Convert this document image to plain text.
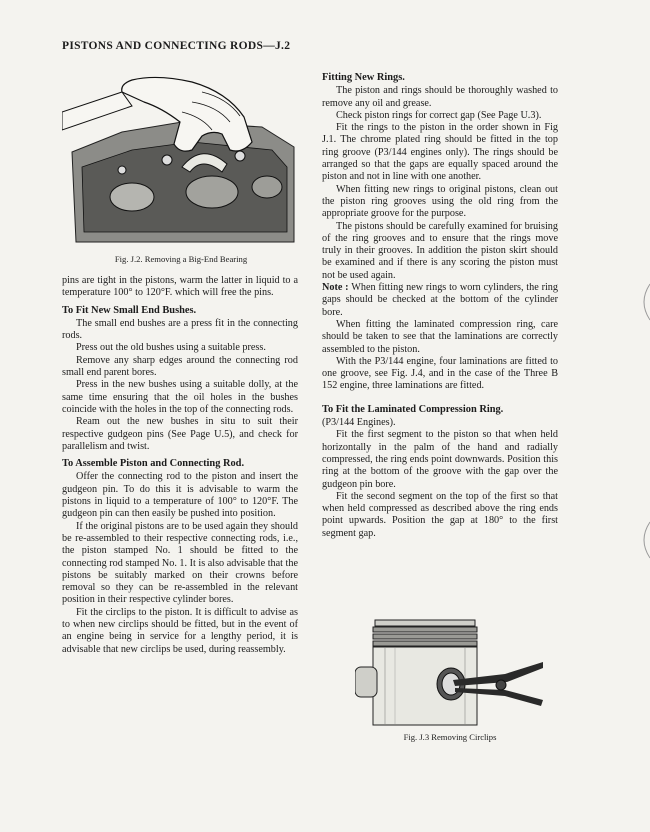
PISTONS AND CONNECTING RODS—J.2
Fig. J.2. Removing a Big-End Bearing

pins are tight in the pistons, warm the latter in liquid to a temperature 100° to 120°F. which will free the pins.

To Fit New Small End Bushes.

The small end bushes are a press fit in the connecting rods.

Press out the old bushes using a suitable press.

Remove any sharp edges around the connecting rod small end parent bores.

Press in the new bushes using a suitable dolly, at the same time ensuring that the oil holes in the bushes coincide with the holes in the top of the connecting rods.

Ream out the new bushes in situ to suit their respective gudgeon pins (See Page U.5), and check for parallelism and twist.

To Assemble Piston and Connecting Rod.

Offer the connecting rod to the piston and insert the gudgeon pin. To do this it is advisable to warm the pistons in liquid to a temperature of 100° to 120°F. The gudgeon pin can then easily be pushed into position.

If the original pistons are to be used again they should be re-assembled to their respective connecting rods, i.e., the piston stamped No. 1 should be fitted to the connecting rod stamped No. 1. It is also advisable that the pistons be suitably marked on their crowns before removal so they can be re-assembled in the relevant position in their respective cylinder bores.

Fit the circlips to the piston. It is difficult to advise as to when new circlips should be fitted, but in the event of an engine being in service for a lengthy period, it is advisable that new circlips be used, during reassembly.

Fitting New Rings.

The piston and rings should be thoroughly washed to remove any oil and grease.

Check piston rings for correct gap (See Page U.3).

Fit the rings to the piston in the order shown in Fig J.1. The chrome plated ring should be fitted in the top ring groove (P3/144 engines only). The rings should be arranged so that the gaps are equally spaced around the piston and not in line with one another.

When fitting new rings to original pistons, clean out the piston ring grooves using the old ring from the appropriate groove for the purpose.

The pistons should be carefully examined for bruising of the ring grooves and to ensure that the rings move truly in their grooves. In addition the piston skirt should be examined and if there is any scoring the piston must not be used again.

Note : When fitting new rings to worn cylinders, the ring gaps should be checked at the bottom of the cylinder bore.

When fitting the laminated compression ring, care should be taken to see that the laminations are correctly assembled to the piston.

With the P3/144 engine, four laminations are fitted to one groove, see Fig. J.4, and in the case of the Three B 152 engine, three laminations are fitted.

To Fit the Laminated Compression Ring.

(P3/144 Engines).

Fit the first segment to the piston so that when held horizontally in the palm of the hand and radially compressed, the ring ends point downwards. Position this ring at the bottom of the groove with the gap over the gudgeon pin bore.

Fit the second segment on the top of the first so that when held compressed as described above the ring ends point upwards. Position the gap at 180° to the first segment gap.

Fig. J.3 Removing Circlips
